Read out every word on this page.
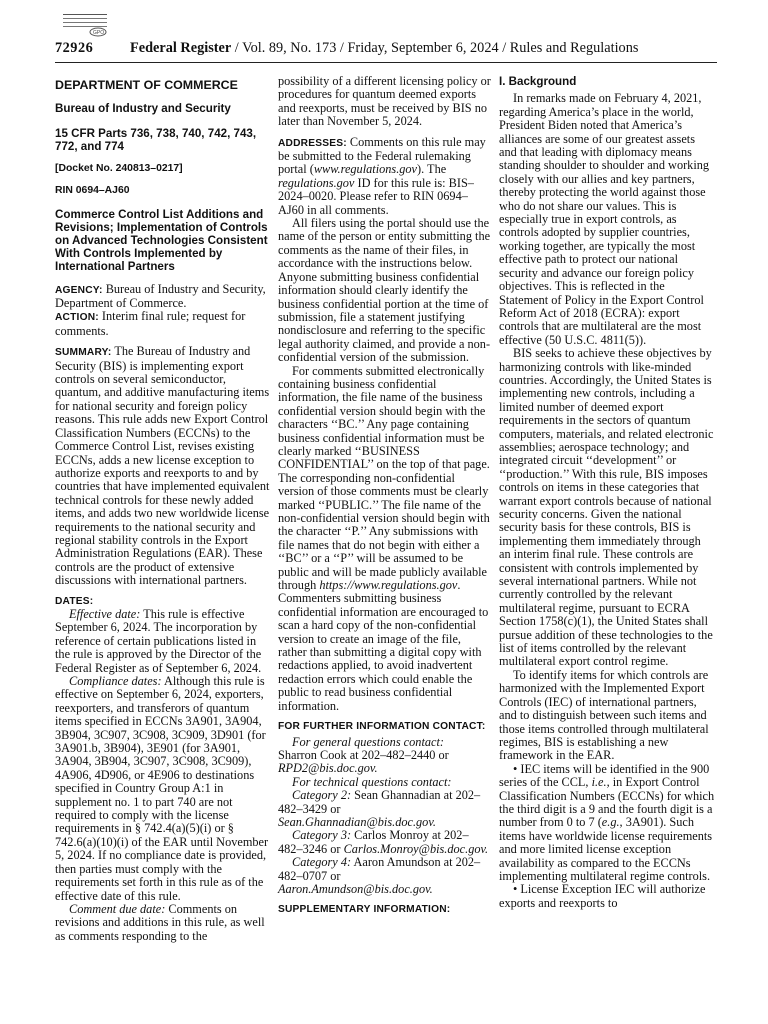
GPO
72926	Federal Register / Vol. 89, No. 173 / Friday, September 6, 2024 / Rules and Regulations
DEPARTMENT OF COMMERCE
Bureau of Industry and Security
15 CFR Parts 736, 738, 740, 742, 743, 772, and 774
[Docket No. 240813–0217]
RIN 0694–AJ60
Commerce Control List Additions and Revisions; Implementation of Controls on Advanced Technologies Consistent With Controls Implemented by International Partners

AGENCY: Bureau of Industry and Security, Department of Commerce.

ACTION: Interim final rule; request for comments.

SUMMARY: The Bureau of Industry and Security (BIS) is implementing export controls on several semiconductor, quantum, and additive manufacturing items for national security and foreign policy reasons. This rule adds new Export Control Classification Numbers (ECCNs) to the Commerce Control List, revises existing ECCNs, adds a new license exception to authorize exports and reexports to and by countries that have implemented equivalent technical controls for these newly added items, and adds two new worldwide license requirements to the national security and regional stability controls in the Export Administration Regulations (EAR). These controls are the product of extensive discussions with international partners.

DATES:

Effective date: This rule is effective September 6, 2024. The incorporation by reference of certain publications listed in the rule is approved by the Director of the Federal Register as of September 6, 2024.

Compliance dates: Although this rule is effective on September 6, 2024, exporters, reexporters, and transferors of quantum items specified in ECCNs 3A901, 3A904, 3B904, 3C907, 3C908, 3C909, 3D901 (for 3A901.b, 3B904), 3E901 (for 3A901, 3A904, 3B904, 3C907, 3C908, 3C909), 4A906, 4D906, or 4E906 to destinations specified in Country Group A:1 in supplement no. 1 to part 740 are not required to comply with the license requirements in § 742.4(a)(5)(i) or § 742.6(a)(10)(i) of the EAR until November 5, 2024. If no compliance date is provided, then parties must comply with the requirements set forth in this rule as of the effective date of this rule.

Comment due date: Comments on revisions and additions in this rule, as well as comments responding to the

possibility of a different licensing policy or procedures for quantum deemed exports and reexports, must be received by BIS no later than November 5, 2024.

ADDRESSES: Comments on this rule may be submitted to the Federal rulemaking portal (www.regulations.gov). The regulations.gov ID for this rule is: BIS–2024–0020. Please refer to RIN 0694–AJ60 in all comments.

All filers using the portal should use the name of the person or entity submitting the comments as the name of their files, in accordance with the instructions below. Anyone submitting business confidential information should clearly identify the business confidential portion at the time of submission, file a statement justifying nondisclosure and referring to the specific legal authority claimed, and provide a non-confidential version of the submission.

For comments submitted electronically containing business confidential information, the file name of the business confidential version should begin with the characters ‘‘BC.’’ Any page containing business confidential information must be clearly marked ‘‘BUSINESS CONFIDENTIAL’’ on the top of that page. The corresponding non-confidential version of those comments must be clearly marked ‘‘PUBLIC.’’ The file name of the non-confidential version should begin with the character ‘‘P.’’ Any submissions with file names that do not begin with either a ‘‘BC’’ or a ‘‘P’’ will be assumed to be public and will be made publicly available through https://www.regulations.gov. Commenters submitting business confidential information are encouraged to scan a hard copy of the non-confidential version to create an image of the file, rather than submitting a digital copy with redactions applied, to avoid inadvertent redaction errors which could enable the public to read business confidential information.

FOR FURTHER INFORMATION CONTACT:

For general questions contact:

Sharron Cook at 202–482–2440 or RPD2@bis.doc.gov.

For technical questions contact:

Category 2: Sean Ghannadian at 202–482–3429 or Sean.Ghannadian@bis.doc.gov.

Category 3: Carlos Monroy at 202–482–3246 or Carlos.Monroy@bis.doc.gov.

Category 4: Aaron Amundson at 202–482–0707 or Aaron.Amundson@bis.doc.gov.

SUPPLEMENTARY INFORMATION:
I. Background

In remarks made on February 4, 2021, regarding America’s place in the world, President Biden noted that America’s alliances are some of our greatest assets and that leading with diplomacy means standing shoulder to shoulder and working closely with our allies and key partners, thereby protecting the world against those who do not share our values. This is especially true in export controls, as controls adopted by supplier countries, working together, are typically the most effective path to protect our national security and advance our foreign policy objectives. This is reflected in the Statement of Policy in the Export Control Reform Act of 2018 (ECRA): export controls that are multilateral are the most effective (50 U.S.C. 4811(5)).

BIS seeks to achieve these objectives by harmonizing controls with like-minded countries. Accordingly, the United States is implementing new controls, including a limited number of deemed export requirements in the sectors of quantum computers, materials, and related electronic assemblies; aerospace technology; and integrated circuit ‘‘development’’ or ‘‘production.’’ With this rule, BIS imposes controls on items in these categories that warrant export controls because of national security concerns. Given the national security basis for these controls, BIS is implementing them immediately through an interim final rule. These controls are consistent with controls implemented by several international partners. While not currently controlled by the relevant multilateral regime, pursuant to ECRA Section 1758(c)(1), the United States shall pursue addition of these technologies to the list of items controlled by the relevant multilateral export control regime.

To identify items for which controls are harmonized with the Implemented Export Controls (IEC) of international partners, and to distinguish between such items and those items controlled through multilateral regimes, BIS is establishing a new framework in the EAR.

• IEC items will be identified in the 900 series of the CCL, i.e., in Export Control Classification Numbers (ECCNs) for which the third digit is a 9 and the fourth digit is a number from 0 to 7 (e.g., 3A901). Such items have worldwide license requirements and more limited license exception availability as compared to the ECCNs implementing multilateral regime controls.

• License Exception IEC will authorize exports and reexports to
